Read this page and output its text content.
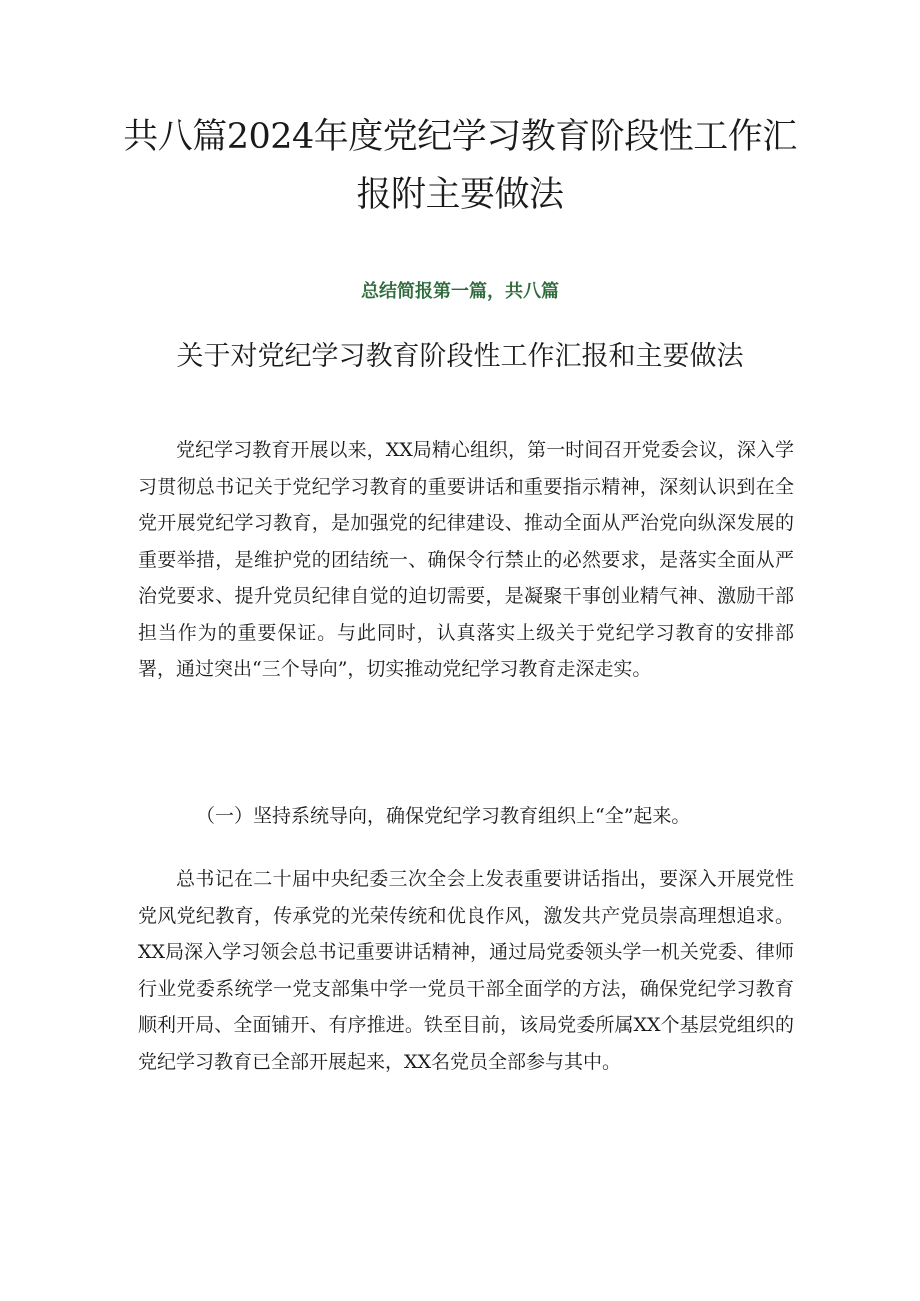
共八篇2024年度党纪学习教育阶段性工作汇报附主要做法
总结简报第一篇，共八篇
关于对党纪学习教育阶段性工作汇报和主要做法

党纪学习教育开展以来，XX局精心组织，第一时间召开党委会议，深入学习贯彻总书记关于党纪学习教育的重要讲话和重要指示精神，深刻认识到在全党开展党纪学习教育，是加强党的纪律建设、推动全面从严治党向纵深发展的重要举措，是维护党的团结统一、确保令行禁止的必然要求，是落实全面从严治党要求、提升党员纪律自觉的迫切需要，是凝聚干事创业精气神、激励干部担当作为的重要保证。与此同时，认真落实上级关于党纪学习教育的安排部署，通过突出“三个导向”，切实推动党纪学习教育走深走实。

（一）坚持系统导向，确保党纪学习教育组织上“全”起来。

总书记在二十届中央纪委三次全会上发表重要讲话指出，要深入开展党性党风党纪教育，传承党的光荣传统和优良作风，激发共产党员崇高理想追求。XX局深入学习领会总书记重要讲话精神，通过局党委领头学一机关党委、律师行业党委系统学一党支部集中学一党员干部全面学的方法，确保党纪学习教育顺利开局、全面铺开、有序推进。铁至目前，该局党委所属XX个基层党组织的党纪学习教育已全部开展起来，XX名党员全部参与其中。
